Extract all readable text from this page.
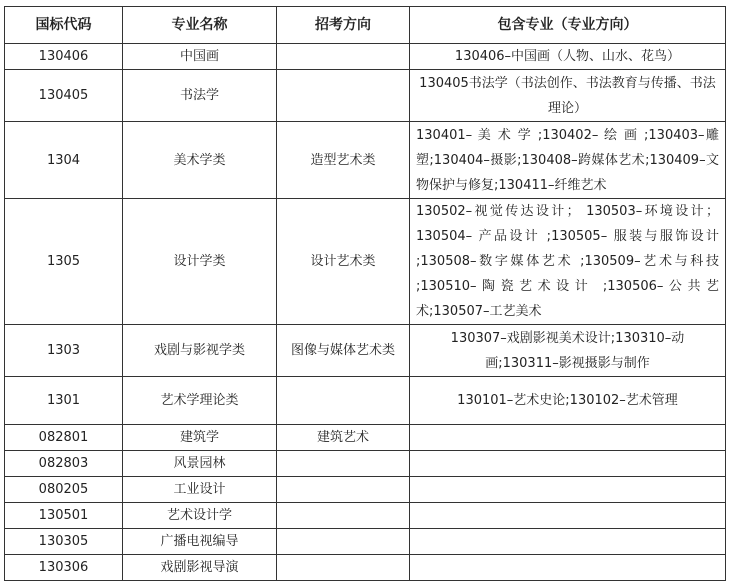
国标代码	专业名称	招考方向	包含专业（专业方向）
130406	中国画		130406–中国画（人物、山水、花鸟）
130405	书法学		130405书法学（书法创作、书法教育与传播、书法理论）
1304	美术学类	造型艺术类	130401– 美 术 学 ;130402– 绘 画 ;130403–雕塑;130404–摄影;130408–跨媒体艺术;130409–文物保护与修复;130411–纤维艺术
1305	设计学类	设计艺术类	130502–视觉传达设计； 130503–环境设计；130504– 产品设计 ;130505– 服装与服饰设计 ;130508–数字媒体艺术 ;130509–艺术与科技 ;130510–陶瓷艺术设计 ;130506–公共艺术;130507–工艺美术
1303	戏剧与影视学类	图像与媒体艺术类	130307–戏剧影视美术设计;130310–动画;130311–影视摄影与制作
1301	艺术学理论类		130101–艺术史论;130102–艺术管理
082801	建筑学	建筑艺术	
082803	风景园林		
080205	工业设计		
130501	艺术设计学		
130305	广播电视编导		
130306	戏剧影视导演		
